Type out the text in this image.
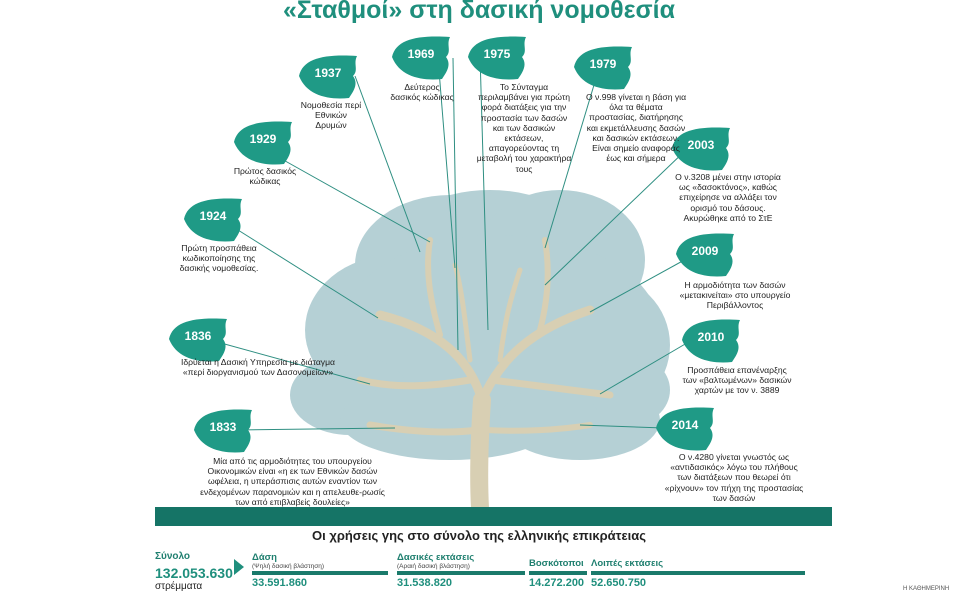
«Σταθμοί» στη δασική νομοθεσία
1833
1836
1924
1929
1937
1969	1975
1979
2003
2009
2010
2014
Μία από τις αρμοδιότητες του υπουργείου Οικονομικών είναι «η εκ των Εθνικών δασών ωφέλεια, η υπεράσπισις αυτών εναντίον των ενδεχομένων παρανομιών και η απελευθε-ρωσίς των από επιβλαβείς δουλείες»
Ιδρύεται η Δασική Υπηρεσία με διάταγμα «περί διοργανισμού των Δασονομείων»
Πρώτη προσπάθεια κωδικοποίησης της δασικής νομοθεσίας.
Πρώτος δασικός κώδικας
Νομοθεσία περί Εθνικών Δρυμών
Δεύτερος δασικός κώδικας
Το Σύνταγμα περιλαμβάνει για πρώτη φορά διατάξεις για την προστασία των δασών και των δασικών εκτάσεων, απαγορεύοντας τη μεταβολή του χαρακτήρα τους
Ο ν.998 γίνεται η βάση για όλα τα θέματα προστασίας, διατήρησης και εκμετάλλευσης δασών και δασικών εκτάσεων. Είναι σημείο αναφοράς έως και σήμερα
Ο ν.3208 μένει στην ιστορία ως «δασοκτόνος», καθώς επιχείρησε να αλλάξει τον ορισμό του δάσους. Ακυρώθηκε από το ΣτΕ
Η αρμοδιότητα των δασών «μετακινείται» στο υπουργείο Περιβάλλοντος
Προσπάθεια επανέναρξης των «βαλτωμένων» δασικών χαρτών με τον ν. 3889
Ο ν.4280 γίνεται γνωστός ως «αντιδασικός» λόγω του πλήθους των διατάξεων που θεωρεί ότι «ρίχνουν» τον πήχη της προστασίας των δασών
Οι χρήσεις γης στο σύνολο της ελληνικής επικράτειας
Σύνολο
132.053.630
στρέμματα
Δάση
(Ψηλή δασική βλάστηση)
33.591.860
Δασικές εκτάσεις
(Αραιή δασική βλάστηση)
31.538.820
Βοσκότοποι
14.272.200
Λοιπές εκτάσεις
52.650.750	Η ΚΑΘΗΜΕΡΙΝΗ
